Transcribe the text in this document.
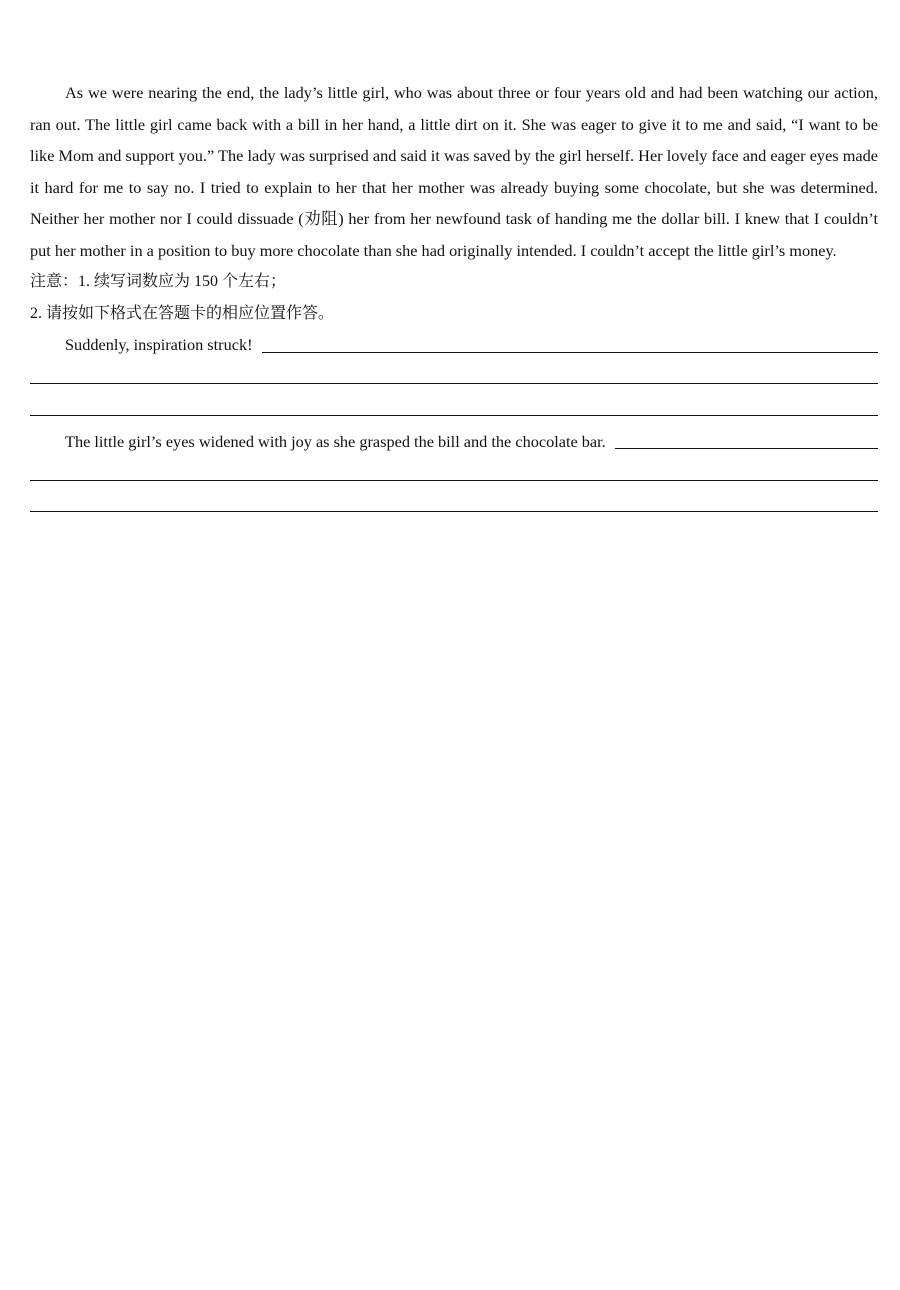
As we were nearing the end, the lady’s little girl, who was about three or four years old and had been watching our action, ran out. The little girl came back with a bill in her hand, a little dirt on it. She was eager to give it to me and said, “I want to be like Mom and support you.” The lady was surprised and said it was saved by the girl herself. Her lovely face and eager eyes made it hard for me to say no. I tried to explain to her that her mother was already buying some chocolate, but she was determined. Neither her mother nor I could dissuade (劝阻) her from her newfound task of handing me the dollar bill. I knew that I couldn’t put her mother in a position to buy more chocolate than she had originally intended. I couldn’t accept the little girl’s money.

注意：1. 续写词数应为 150 个左右；

2. 请按如下格式在答题卡的相应位置作答。

Suddenly, inspiration struck!
The little girl’s eyes widened with joy as she grasped the bill and the chocolate bar.
